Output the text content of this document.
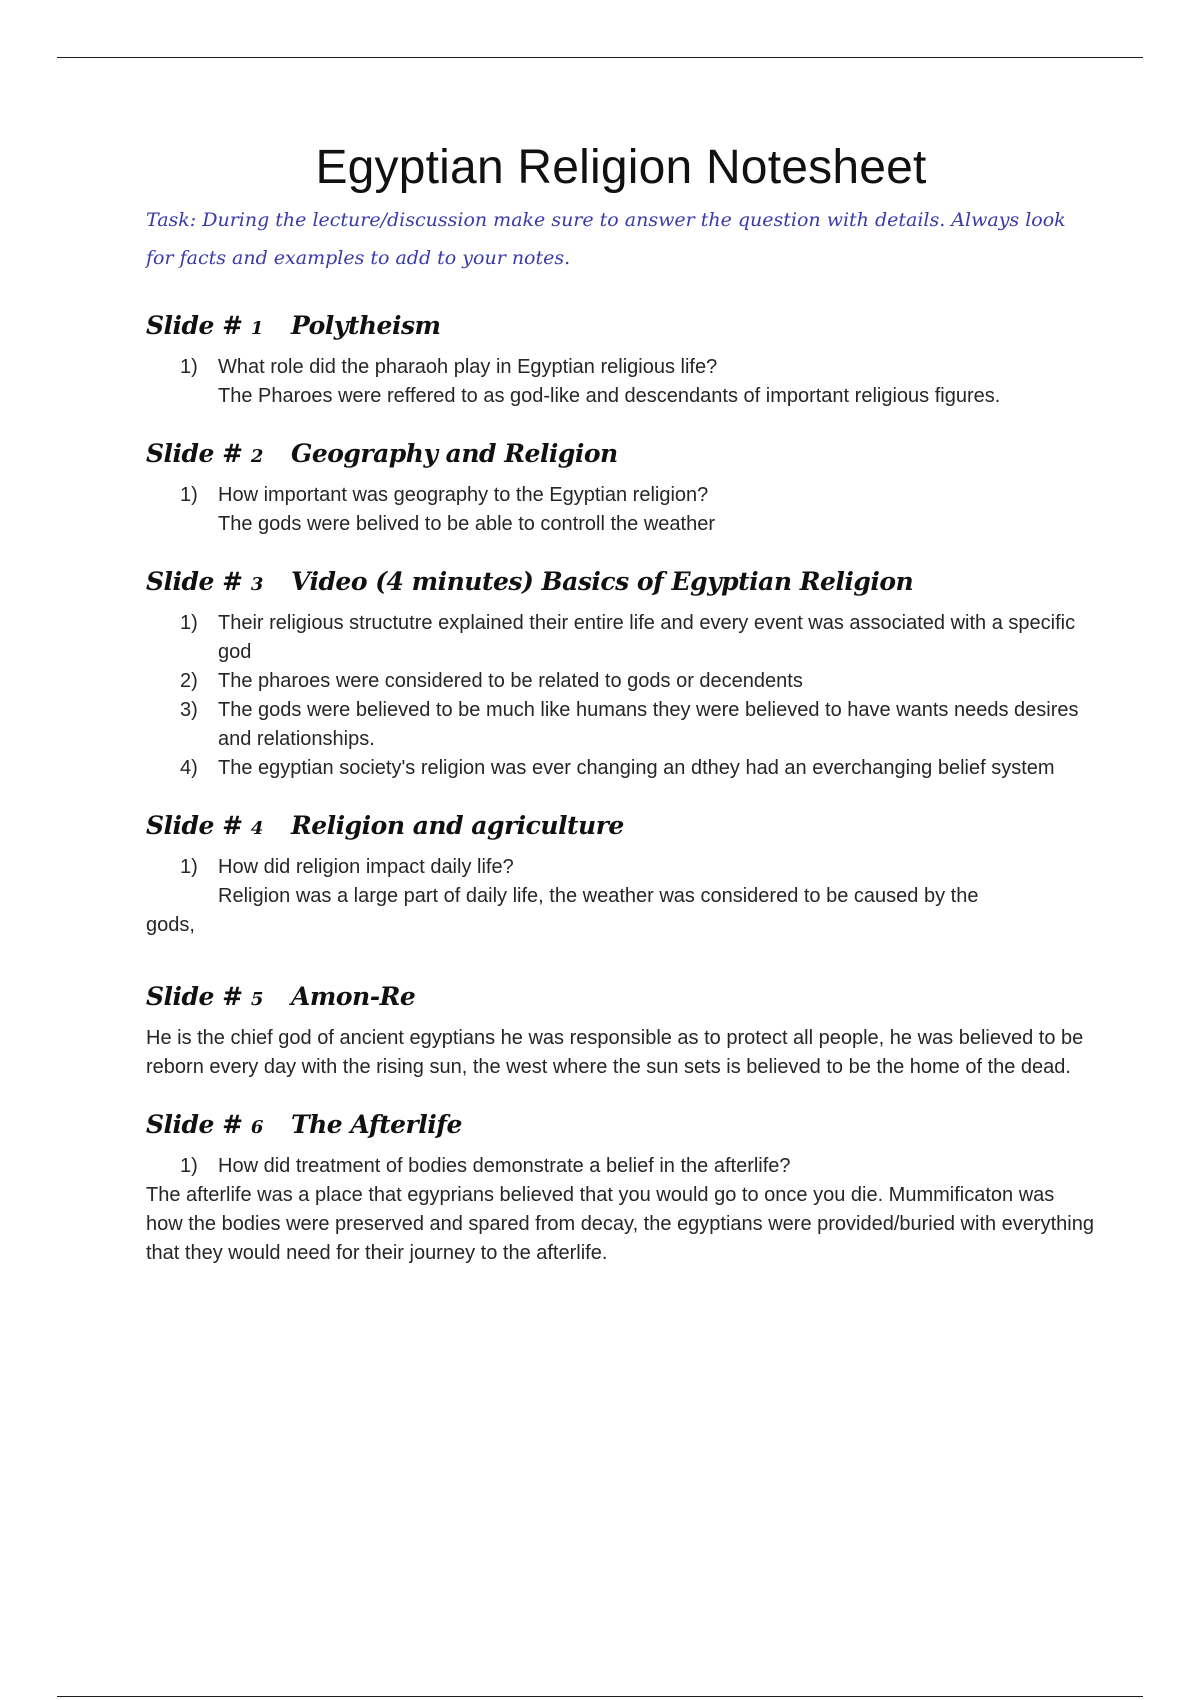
Egyptian Religion Notesheet
Task: During the lecture/discussion make sure to answer the question with details. Always look for facts and examples to add to your notes.
Slide # 1	Polytheism
1) What role did the pharaoh play in Egyptian religious life?
The Pharoes were reffered to as god-like and descendants of important religious figures.
Slide # 2	Geography and Religion
1) How important was geography to the Egyptian religion?
The gods were belived to be able to controll the weather
Slide # 3	Video (4 minutes) Basics of Egyptian Religion
1) Their religious structutre explained their entire life and every event was associated with a specific god
2) The pharoes were considered to be related to gods or decendents
3) The gods were believed to be much like humans they were believed to have wants needs desires and relationships.
4) The egyptian society's religion was ever changing an dthey had an everchanging belief system
Slide # 4	Religion and agriculture
1) How did religion impact daily life?
Religion was a large part of daily life, the weather was considered to be caused by the
gods,
Slide # 5	Amon-Re
He is the chief god of ancient egyptians he was responsible as to protect all people, he was believed to be reborn every day with the rising sun, the west where the sun sets is believed to be the home of the dead.
Slide # 6	The Afterlife
1) How did treatment of bodies demonstrate a belief in the afterlife?
The afterlife was a place that egyprians believed that you would go to once you die. Mummificaton was how the bodies were preserved and spared from decay, the egyptians were provided/buried with everything that they would need for their journey to the afterlife.
